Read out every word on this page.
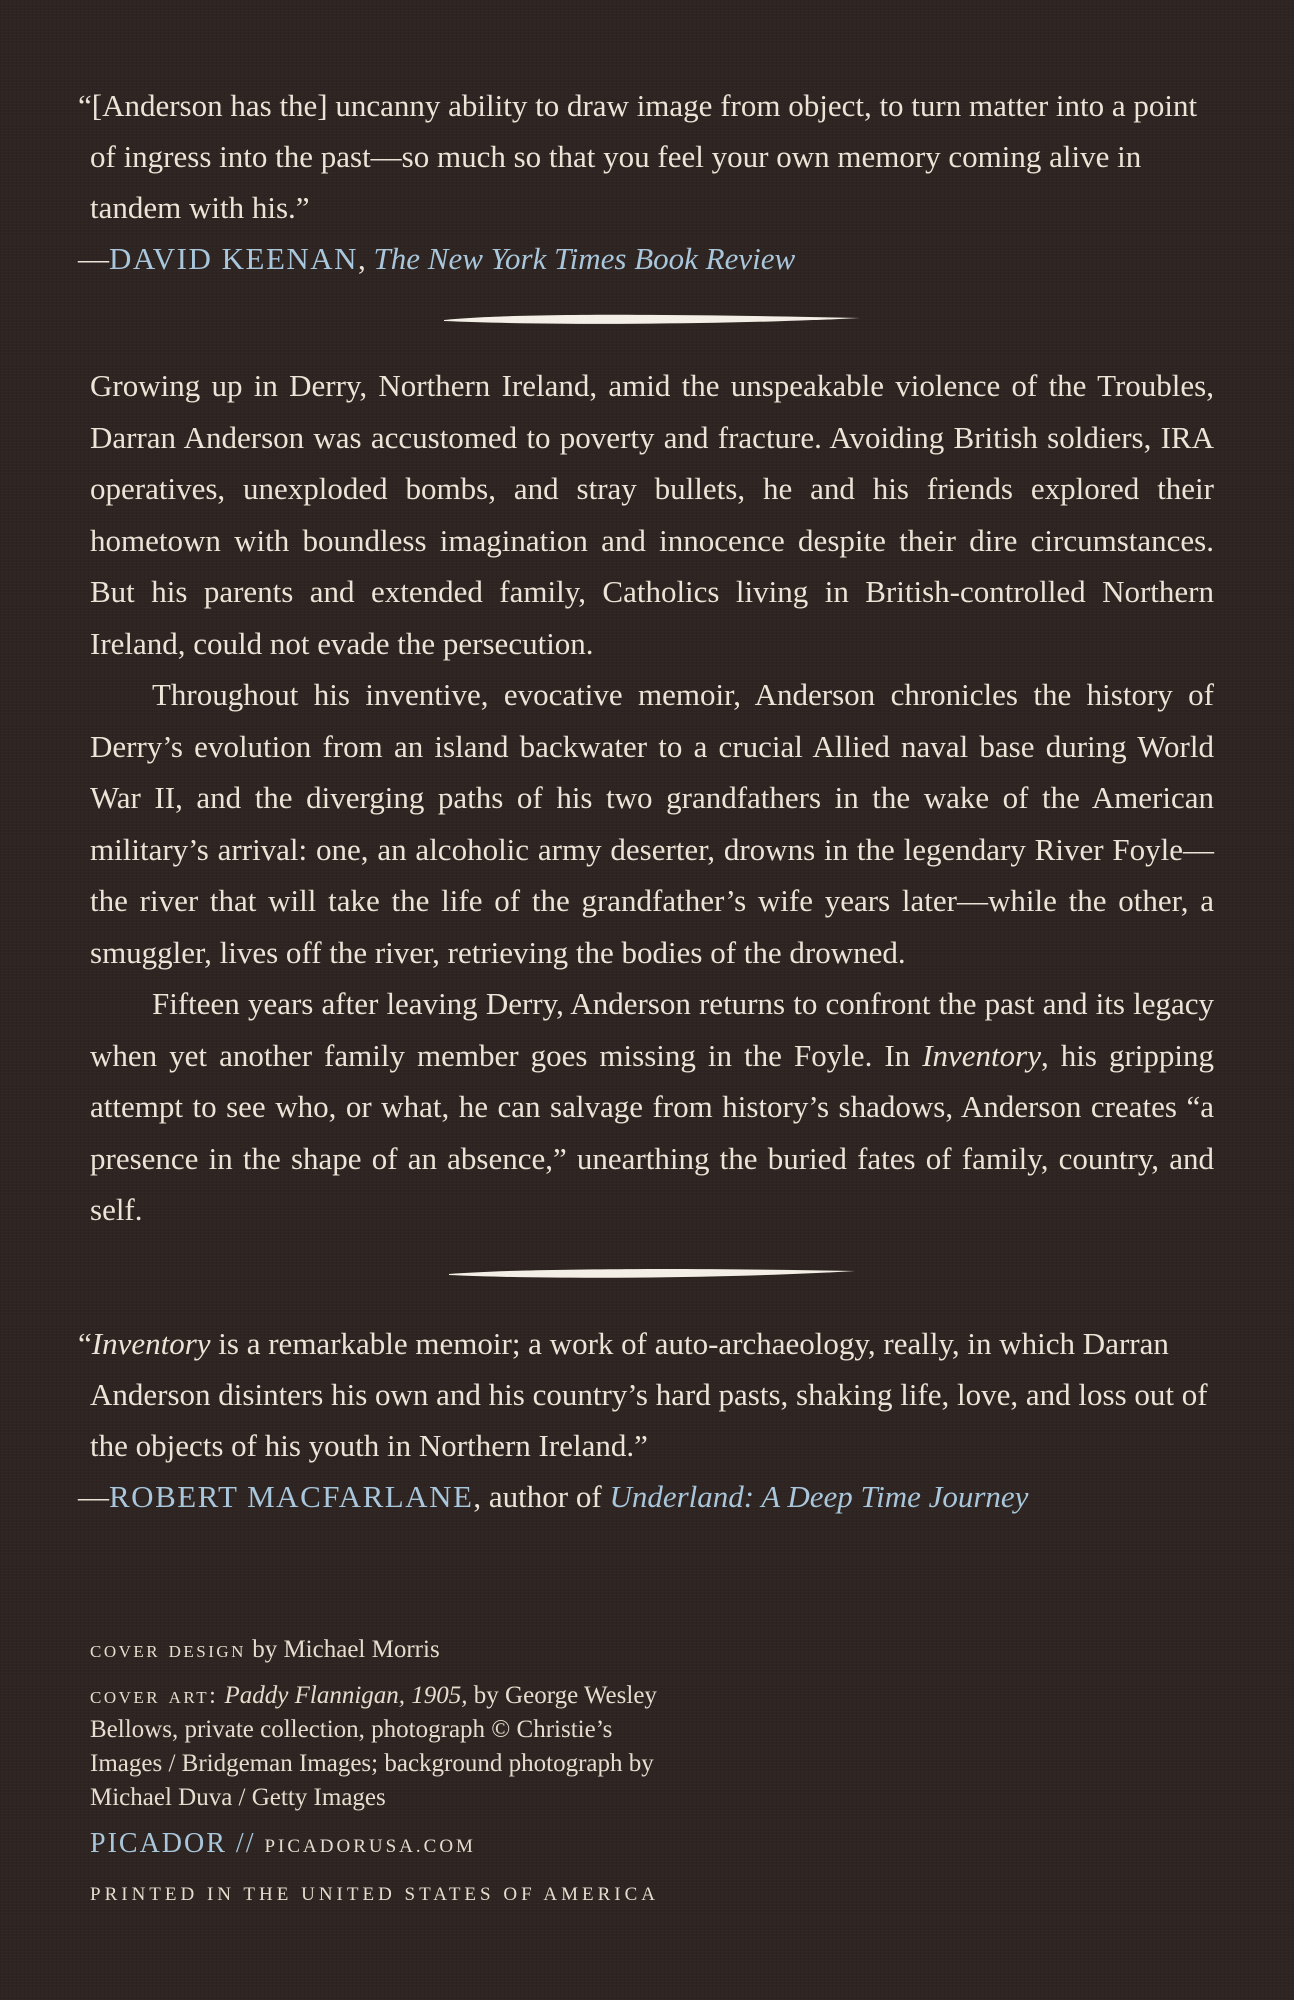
“[Anderson has the] uncanny ability to draw image from object, to turn matter into a point of ingress into the past—so much so that you feel your own memory coming alive in tandem with his.”

—DAVID KEENAN, The New York Times Book Review

Growing up in Derry, Northern Ireland, amid the unspeakable violence of the Troubles, Darran Anderson was accustomed to poverty and fracture. Avoiding British soldiers, IRA operatives, unexploded bombs, and stray bullets, he and his friends explored their hometown with boundless imagination and innocence despite their dire circumstances. But his parents and extended family, Catholics living in British-controlled Northern Ireland, could not evade the persecution.

Throughout his inventive, evocative memoir, Anderson chronicles the history of Derry’s evolution from an island backwater to a crucial Allied naval base during World War II, and the diverging paths of his two grandfathers in the wake of the American military’s arrival: one, an alcoholic army deserter, drowns in the legendary River Foyle—the river that will take the life of the grandfather’s wife years later—while the other, a smuggler, lives off the river, retrieving the bodies of the drowned.

Fifteen years after leaving Derry, Anderson returns to confront the past and its legacy when yet another family member goes missing in the Foyle. In Inventory, his gripping attempt to see who, or what, he can salvage from history’s shadows, Anderson creates “a presence in the shape of an absence,” unearthing the buried fates of family, country, and self.

“Inventory is a remarkable memoir; a work of auto-archaeology, really, in which Darran Anderson disinters his own and his country’s hard pasts, shaking life, love, and loss out of the objects of his youth in Northern Ireland.”

—ROBERT MACFARLANE, author of Underland: A Deep Time Journey

cover design by Michael Morris

cover art: Paddy Flannigan, 1905, by George Wesley Bellows, private collection, photograph © Christie’s Images / Bridgeman Images; background photograph by Michael Duva / Getty Images

PICADOR // PICADORUSA.COM
PRINTED IN THE UNITED STATES OF AMERICA
